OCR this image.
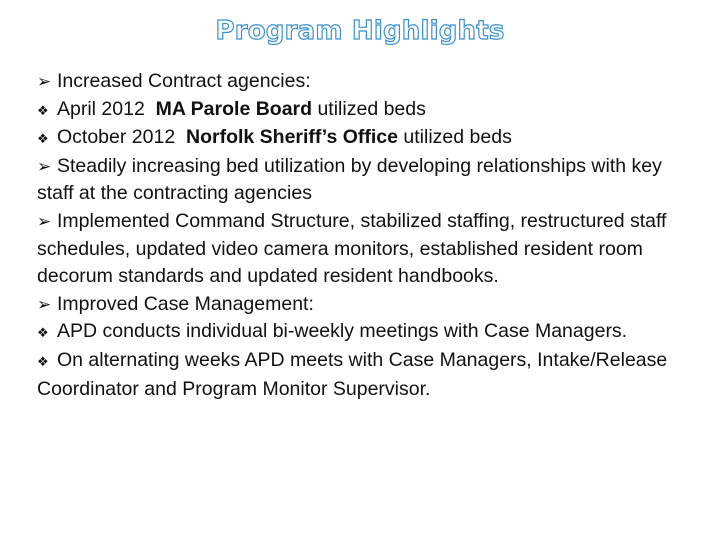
Program Highlights

➢ Increased Contract agencies:

❖ April 2012  MA Parole Board utilized beds

❖ October 2012  Norfolk Sheriff’s Office utilized beds

➢ Steadily increasing bed utilization by developing relationships with key staff at the contracting agencies

➢ Implemented Command Structure, stabilized staffing, restructured staff schedules, updated video camera monitors, established resident room decorum standards and updated resident handbooks.

➢ Improved Case Management:

❖ APD conducts individual bi-weekly meetings with Case Managers.

❖ On alternating weeks APD meets with Case Managers, Intake/Release Coordinator and Program Monitor Supervisor.
